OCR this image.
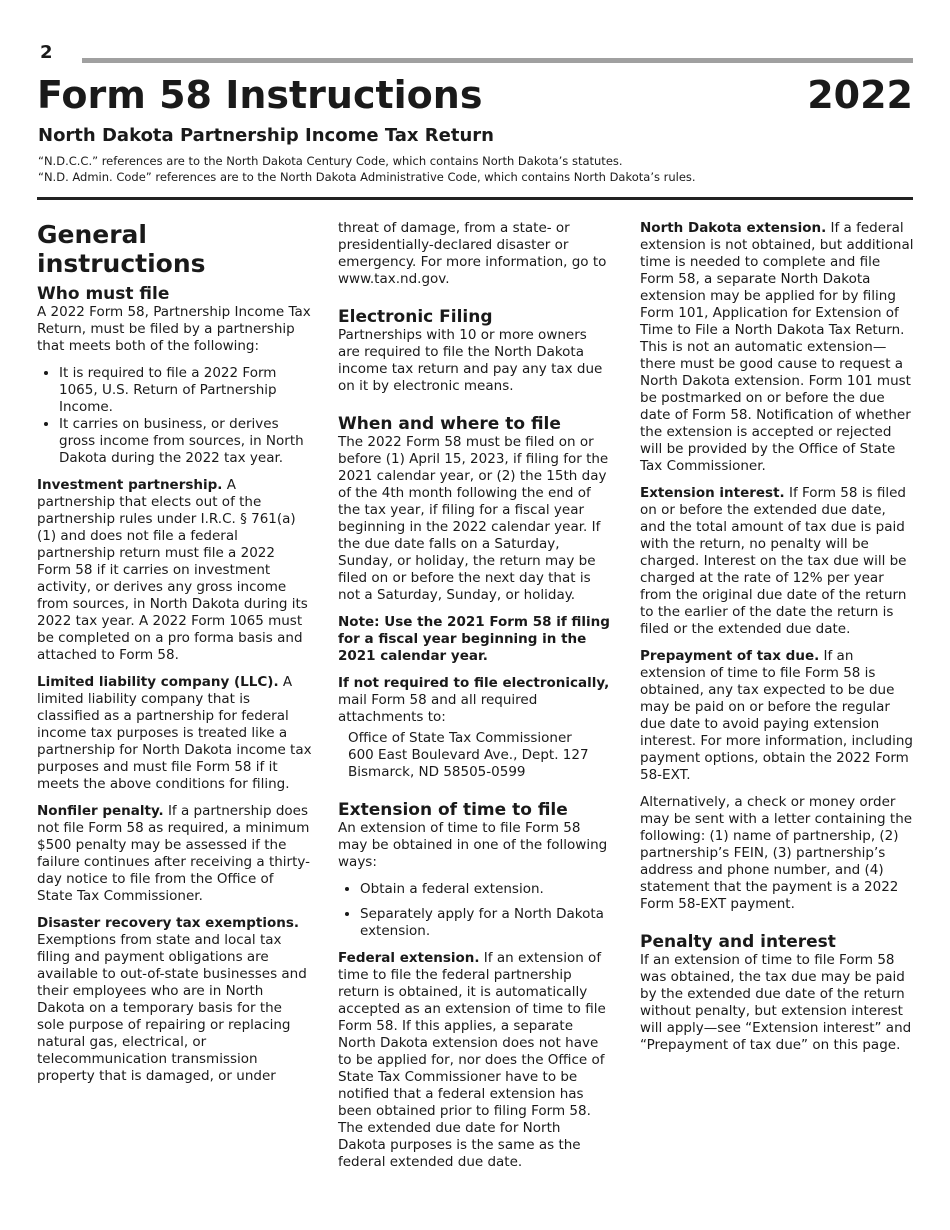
2
Form 58 Instructions	2022
North Dakota Partnership Income Tax Return
“N.D.C.C.” references are to the North Dakota Century Code, which contains North Dakota’s statutes.
“N.D. Admin. Code” references are to the North Dakota Administrative Code, which contains North Dakota’s rules.
General instructions
Who must file

A 2022 Form 58, Partnership Income Tax Return, must be filed by a partnership that meets both of the following:

• It is required to file a 2022 Form 1065, U.S. Return of Partnership Income.
• It carries on business, or derives gross income from sources, in North Dakota during the 2022 tax year.

Investment partnership. A partnership that elects out of the partnership rules under I.R.C. § 761(a)(1) and does not file a federal partnership return must file a 2022 Form 58 if it carries on investment activity, or derives any gross income from sources, in North Dakota during its 2022 tax year. A 2022 Form 1065 must be completed on a pro forma basis and attached to Form 58.

Limited liability company (LLC). A limited liability company that is classified as a partnership for federal income tax purposes is treated like a partnership for North Dakota income tax purposes and must file Form 58 if it meets the above conditions for filing.

Nonfiler penalty. If a partnership does not file Form 58 as required, a minimum $500 penalty may be assessed if the failure continues after receiving a thirty-day notice to file from the Office of State Tax Commissioner.

Disaster recovery tax exemptions. Exemptions from state and local tax filing and payment obligations are available to out-of-state businesses and their employees who are in North Dakota on a temporary basis for the sole purpose of repairing or replacing natural gas, electrical, or telecommunication transmission property that is damaged, or under

threat of damage, from a state- or presidentially-declared disaster or emergency. For more information, go to www.tax.nd.gov.

Electronic Filing

Partnerships with 10 or more owners are required to file the North Dakota income tax return and pay any tax due on it by electronic means.

When and where to file

The 2022 Form 58 must be filed on or before (1) April 15, 2023, if filing for the 2021 calendar year, or (2) the 15th day of the 4th month following the end of the tax year, if filing for a fiscal year beginning in the 2022 calendar year. If the due date falls on a Saturday, Sunday, or holiday, the return may be filed on or before the next day that is not a Saturday, Sunday, or holiday.

Note: Use the 2021 Form 58 if filing for a fiscal year beginning in the 2021 calendar year.

If not required to file electronically, mail Form 58 and all required attachments to:

Office of State Tax Commissioner
600 East Boulevard Ave., Dept. 127
Bismarck, ND 58505-0599
Extension of time to file

An extension of time to file Form 58 may be obtained in one of the following ways:

• Obtain a federal extension.
• Separately apply for a North Dakota extension.

Federal extension. If an extension of time to file the federal partnership return is obtained, it is automatically accepted as an extension of time to file Form 58. If this applies, a separate North Dakota extension does not have to be applied for, nor does the Office of State Tax Commissioner have to be notified that a federal extension has been obtained prior to filing Form 58. The extended due date for North Dakota purposes is the same as the federal extended due date.

North Dakota extension. If a federal extension is not obtained, but additional time is needed to complete and file Form 58, a separate North Dakota extension may be applied for by filing Form 101, Application for Extension of Time to File a North Dakota Tax Return. This is not an automatic extension—there must be good cause to request a North Dakota extension. Form 101 must be postmarked on or before the due date of Form 58. Notification of whether the extension is accepted or rejected will be provided by the Office of State Tax Commissioner.

Extension interest. If Form 58 is filed on or before the extended due date, and the total amount of tax due is paid with the return, no penalty will be charged. Interest on the tax due will be charged at the rate of 12% per year from the original due date of the return to the earlier of the date the return is filed or the extended due date.

Prepayment of tax due. If an extension of time to file Form 58 is obtained, any tax expected to be due may be paid on or before the regular due date to avoid paying extension interest. For more information, including payment options, obtain the 2022 Form 58-EXT.

Alternatively, a check or money order may be sent with a letter containing the following: (1) name of partnership, (2) partnership’s FEIN, (3) partnership’s address and phone number, and (4) statement that the payment is a 2022 Form 58-EXT payment.

Penalty and interest

If an extension of time to file Form 58 was obtained, the tax due may be paid by the extended due date of the return without penalty, but extension interest will apply—see “Extension interest” and “Prepayment of tax due” on this page.
